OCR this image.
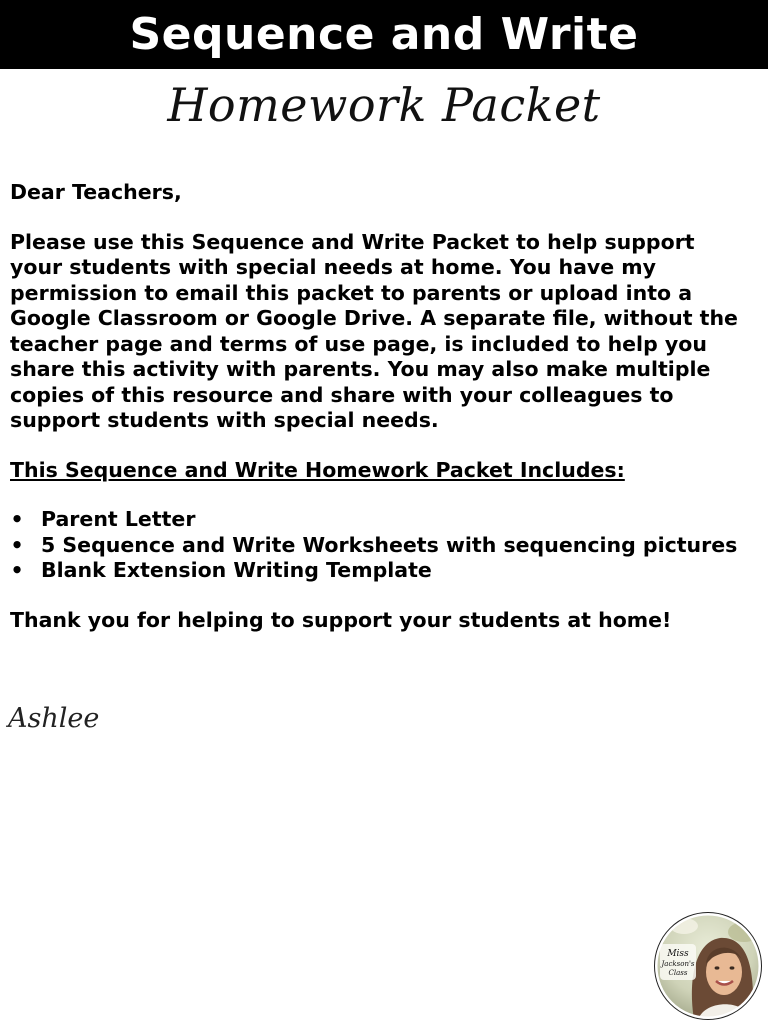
Sequence and Write
Homework Packet

Dear Teachers,

Please use this Sequence and Write Packet to help support your students with special needs at home. You have my permission to email this packet to parents or upload into a Google Classroom or Google Drive. A separate file, without the teacher page and terms of use page, is included to help you share this activity with parents. You may also make multiple copies of this resource and share with your colleagues to support students with special needs.

This Sequence and Write Homework Packet Includes:

• Parent Letter
• 5 Sequence and Write Worksheets with sequencing pictures
• Blank Extension Writing Template

Thank you for helping to support your students at home!

Ashlee
Miss
Jackson's
Class
